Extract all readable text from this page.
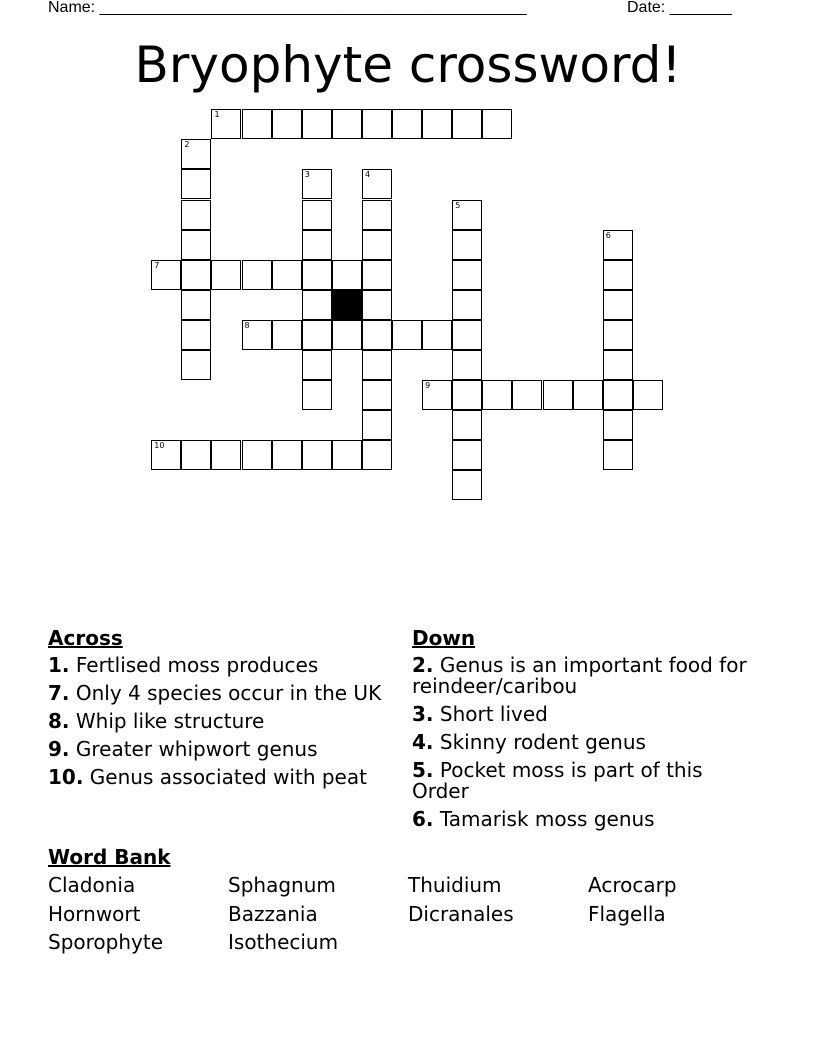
Name: ________________________________________________	Date: _______
Bryophyte crossword!
1
2
3	4
5
6
7
8
9
10
Across
1. Fertlised moss produces
7. Only 4 species occur in the UK
8. Whip like structure
9. Greater whipwort genus
10. Genus associated with peat
Down
2. Genus is an important food for reindeer/caribou
3. Short lived
4. Skinny rodent genus
5. Pocket moss is part of this Order
6. Tamarisk moss genus
Word Bank
Cladonia	Sphagnum	Thuidium	Acrocarp
Hornwort	Bazzania	Dicranales	Flagella
Sporophyte	Isothecium
